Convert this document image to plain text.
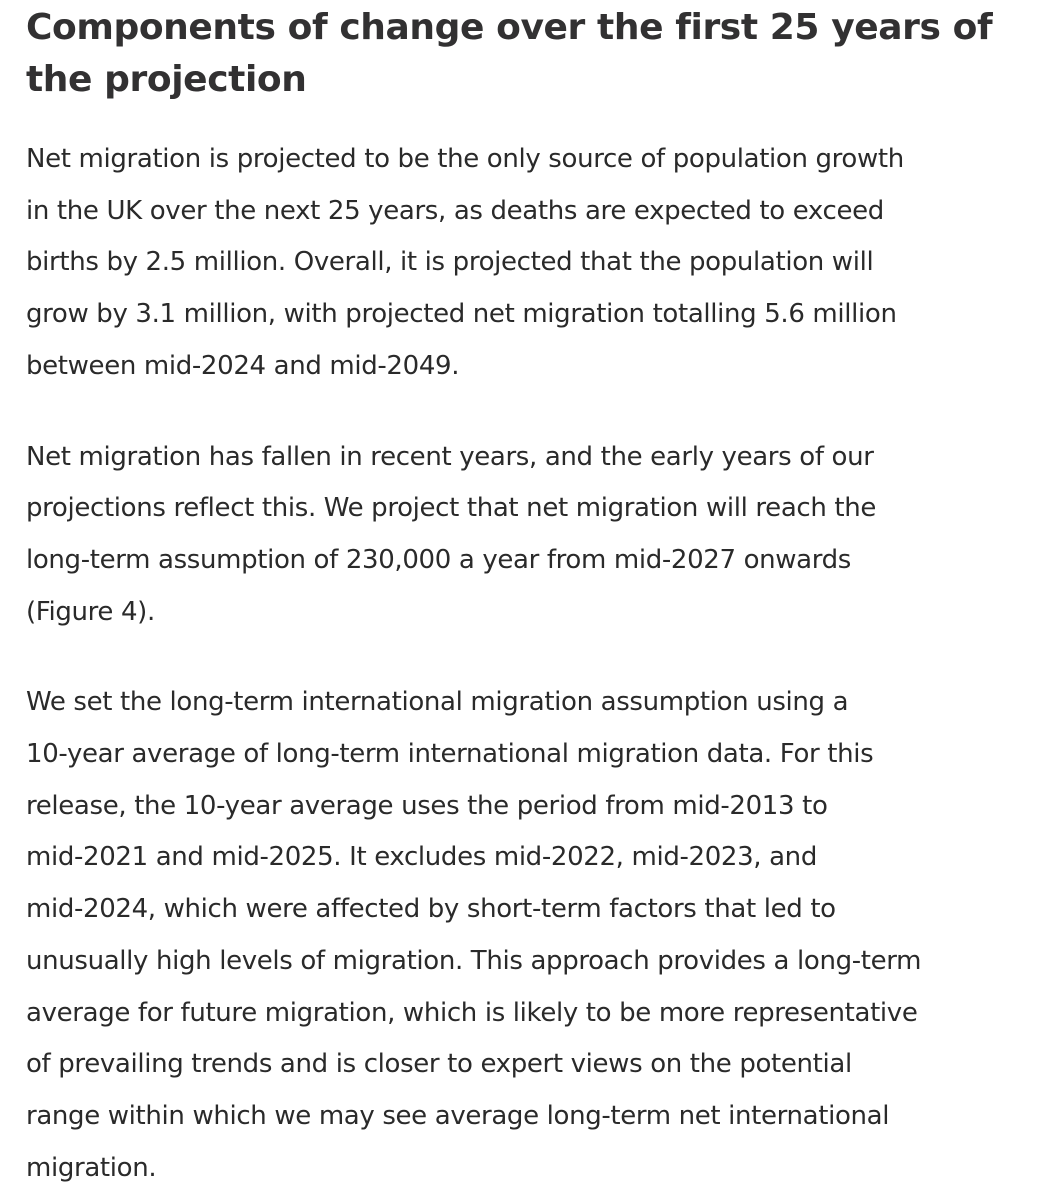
Components of change over the first 25 years of the projection

Net migration is projected to be the only source of population growth
in the UK over the next 25 years, as deaths are expected to exceed
births by 2.5 million. Overall, it is projected that the population will
grow by 3.1 million, with projected net migration totalling 5.6 million
between mid-2024 and mid-2049.

Net migration has fallen in recent years, and the early years of our
projections reflect this. We project that net migration will reach the
long-term assumption of 230,000 a year from mid-2027 onwards
(Figure 4).

We set the long-term international migration assumption using a
10-year average of long-term international migration data. For this
release, the 10-year average uses the period from mid-2013 to
mid-2021 and mid-2025. It excludes mid-2022, mid-2023, and
mid-2024, which were affected by short-term factors that led to
unusually high levels of migration. This approach provides a long-term
average for future migration, which is likely to be more representative
of prevailing trends and is closer to expert views on the potential
range within which we may see average long-term net international
migration.
